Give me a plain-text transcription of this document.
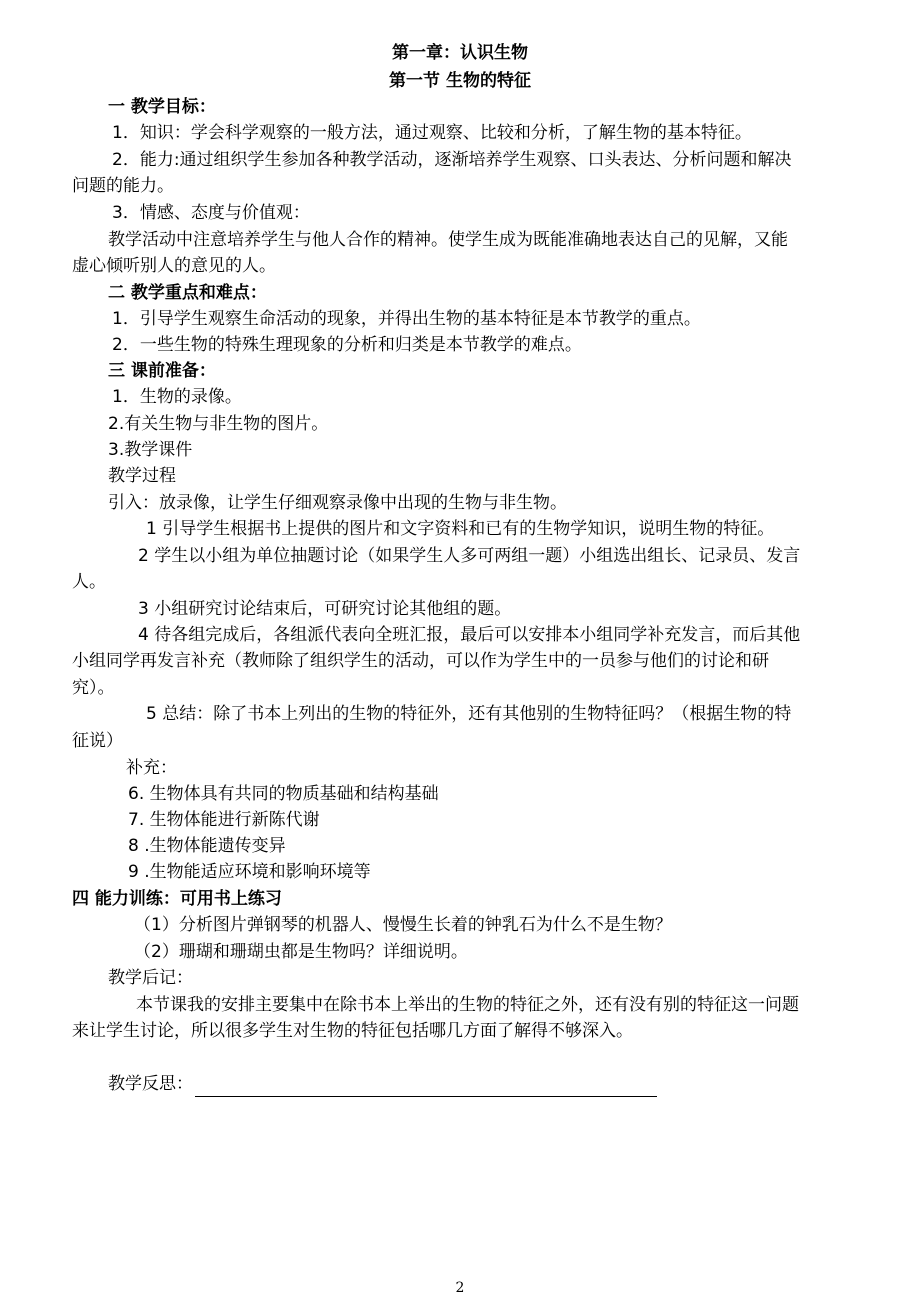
第一章：认识生物
第一节 生物的特征
一 教学目标：
1．知识：学会科学观察的一般方法，通过观察、比较和分析，了解生物的基本特征。
2．能力:通过组织学生参加各种教学活动，逐渐培养学生观察、口头表达、分析问题和解决
问题的能力。
3．情感、态度与价值观：
教学活动中注意培养学生与他人合作的精神。使学生成为既能准确地表达自己的见解，又能
虚心倾听别人的意见的人。
二 教学重点和难点：
1．引导学生观察生命活动的现象，并得出生物的基本特征是本节教学的重点。
2．一些生物的特殊生理现象的分析和归类是本节教学的难点。
三 课前准备：
1．生物的录像。
2.有关生物与非生物的图片。
3.教学课件
教学过程
引入：放录像，让学生仔细观察录像中出现的生物与非生物。
1 引导学生根据书上提供的图片和文字资料和已有的生物学知识，说明生物的特征。
2 学生以小组为单位抽题讨论（如果学生人多可两组一题）小组选出组长、记录员、发言
人。
3 小组研究讨论结束后，可研究讨论其他组的题。
4 待各组完成后，各组派代表向全班汇报，最后可以安排本小组同学补充发言，而后其他
小组同学再发言补充（教师除了组织学生的活动，可以作为学生中的一员参与他们的讨论和研
究）。
5 总结：除了书本上列出的生物的特征外，还有其他别的生物特征吗？（根据生物的特
征说）
补充：
6. 生物体具有共同的物质基础和结构基础
7. 生物体能进行新陈代谢
8 .生物体能遗传变异
9 .生物能适应环境和影响环境等
四 能力训练：可用书上练习
（1）分析图片弹钢琴的机器人、慢慢生长着的钟乳石为什么不是生物？
（2）珊瑚和珊瑚虫都是生物吗？详细说明。
教学后记：
本节课我的安排主要集中在除书本上举出的生物的特征之外，还有没有别的特征这一问题
来让学生讨论，所以很多学生对生物的特征包括哪几方面了解得不够深入。
教学反思：
2
